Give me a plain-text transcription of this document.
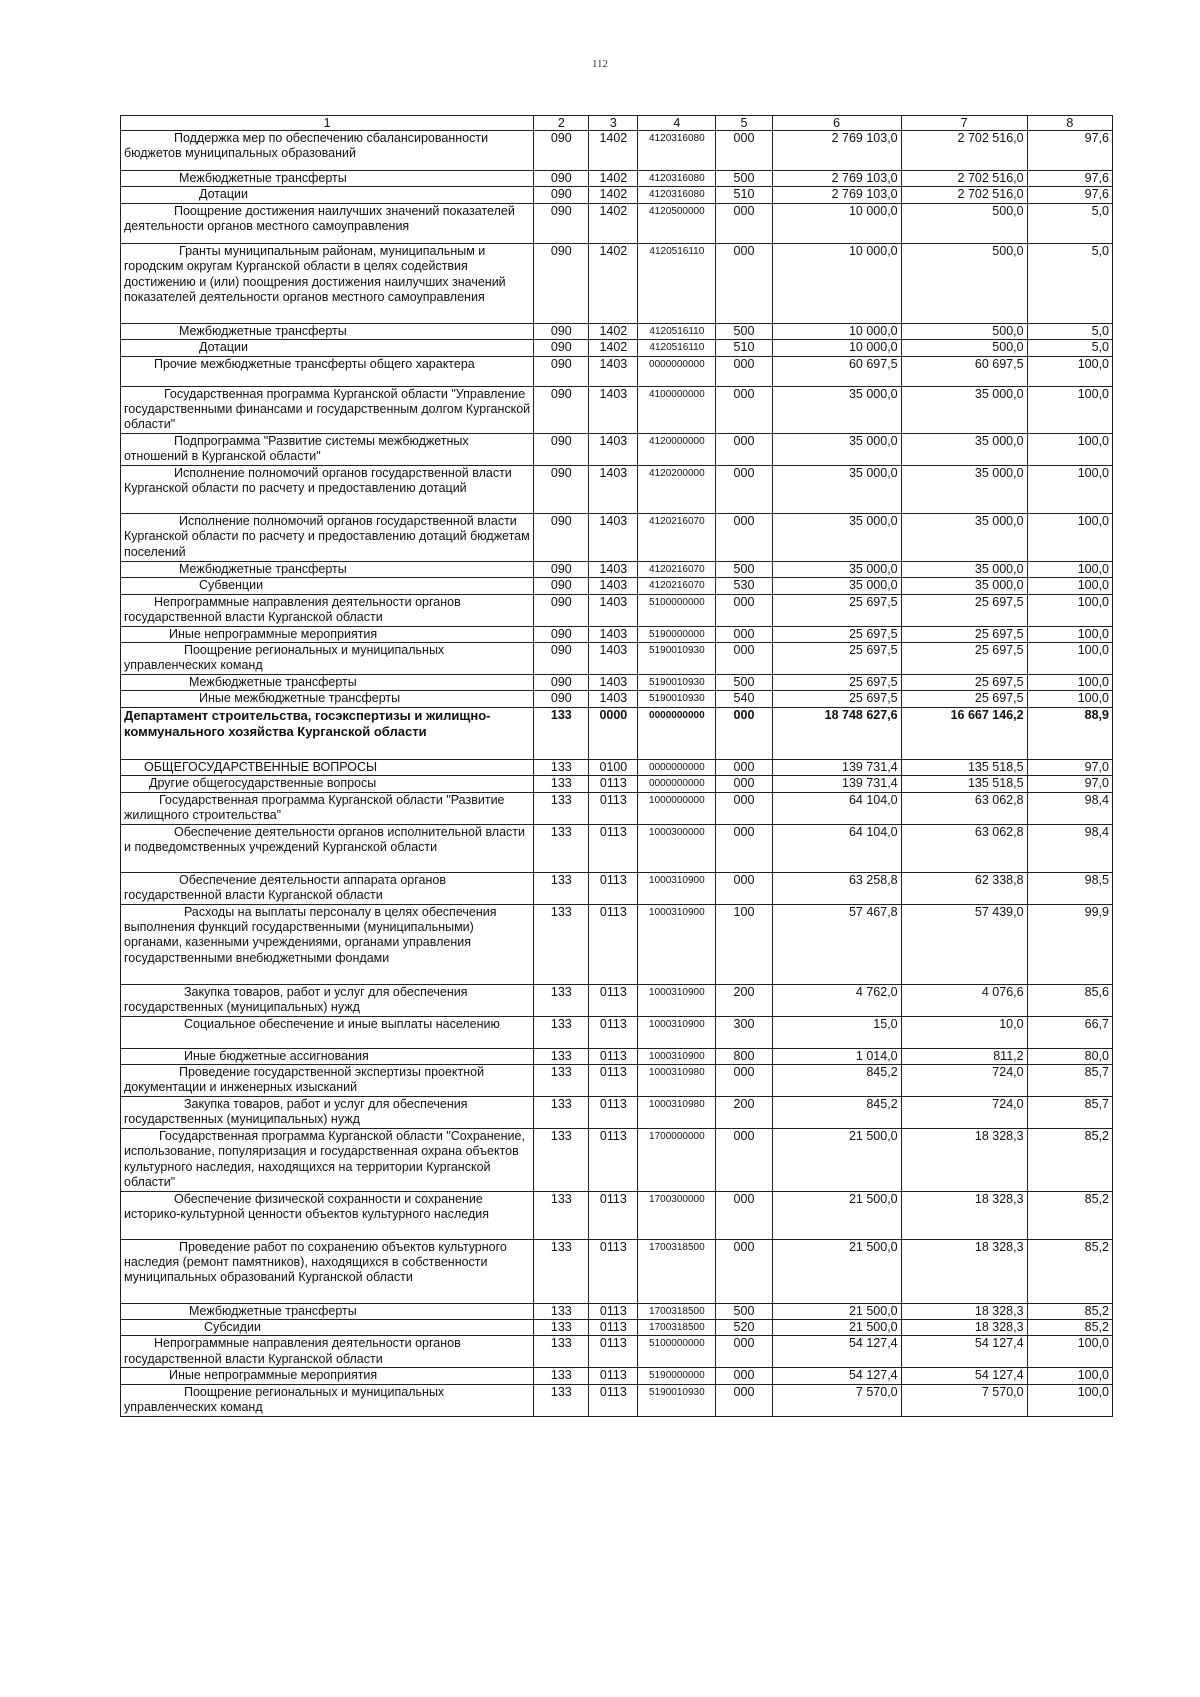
112
1	2	3	4	5	6	7	8
Поддержка мер по обеспечению сбалансированности бюджетов муниципальных образований	090	1402	4120316080	000	2 769 103,0	2 702 516,0	97,6
Межбюджетные трансферты	090	1402	4120316080	500	2 769 103,0	2 702 516,0	97,6
Дотации	090	1402	4120316080	510	2 769 103,0	2 702 516,0	97,6
Поощрение достижения наилучших значений показателей деятельности органов местного самоуправления	090	1402	4120500000	000	10 000,0	500,0	5,0
Гранты муниципальным районам, муниципальным и городским округам Курганской области в целях содействия достижению и (или) поощрения достижения наилучших значений показателей деятельности органов местного самоуправления	090	1402	4120516110	000	10 000,0	500,0	5,0
Межбюджетные трансферты	090	1402	4120516110	500	10 000,0	500,0	5,0
Дотации	090	1402	4120516110	510	10 000,0	500,0	5,0
Прочие межбюджетные трансферты общего характера	090	1403	0000000000	000	60 697,5	60 697,5	100,0
Государственная программа Курганской области "Управление государственными финансами и государственным долгом Курганской области"	090	1403	4100000000	000	35 000,0	35 000,0	100,0
Подпрограмма "Развитие системы межбюджетных отношений в Курганской области"	090	1403	4120000000	000	35 000,0	35 000,0	100,0
Исполнение полномочий органов государственной власти Курганской области по расчету и предоставлению дотаций	090	1403	4120200000	000	35 000,0	35 000,0	100,0
Исполнение полномочий органов государственной власти Курганской области по расчету и предоставлению дотаций бюджетам поселений	090	1403	4120216070	000	35 000,0	35 000,0	100,0
Межбюджетные трансферты	090	1403	4120216070	500	35 000,0	35 000,0	100,0
Субвенции	090	1403	4120216070	530	35 000,0	35 000,0	100,0
Непрограммные направления деятельности органов государственной власти Курганской области	090	1403	5100000000	000	25 697,5	25 697,5	100,0
Иные непрограммные мероприятия	090	1403	5190000000	000	25 697,5	25 697,5	100,0
Поощрение региональных и муниципальных управленческих команд	090	1403	5190010930	000	25 697,5	25 697,5	100,0
Межбюджетные трансферты	090	1403	5190010930	500	25 697,5	25 697,5	100,0
Иные межбюджетные трансферты	090	1403	5190010930	540	25 697,5	25 697,5	100,0
Департамент строительства, госэкспертизы и жилищно-коммунального хозяйства Курганской области	133	0000	0000000000	000	18 748 627,6	16 667 146,2	88,9
ОБЩЕГОСУДАРСТВЕННЫЕ ВОПРОСЫ	133	0100	0000000000	000	139 731,4	135 518,5	97,0
Другие общегосударственные вопросы	133	0113	0000000000	000	139 731,4	135 518,5	97,0
Государственная программа Курганской области "Развитие жилищного строительства"	133	0113	1000000000	000	64 104,0	63 062,8	98,4
Обеспечение деятельности органов исполнительной власти и подведомственных учреждений Курганской области	133	0113	1000300000	000	64 104,0	63 062,8	98,4
Обеспечение деятельности аппарата органов государственной власти Курганской области	133	0113	1000310900	000	63 258,8	62 338,8	98,5
Расходы на выплаты персоналу в целях обеспечения выполнения функций государственными (муниципальными) органами, казенными учреждениями, органами управления государственными внебюджетными фондами	133	0113	1000310900	100	57 467,8	57 439,0	99,9
Закупка товаров, работ и услуг для обеспечения государственных (муниципальных) нужд	133	0113	1000310900	200	4 762,0	4 076,6	85,6
Социальное обеспечение и иные выплаты населению	133	0113	1000310900	300	15,0	10,0	66,7
Иные бюджетные ассигнования	133	0113	1000310900	800	1 014,0	811,2	80,0
Проведение государственной экспертизы проектной документации и инженерных изысканий	133	0113	1000310980	000	845,2	724,0	85,7
Закупка товаров, работ и услуг для обеспечения государственных (муниципальных) нужд	133	0113	1000310980	200	845,2	724,0	85,7
Государственная программа Курганской области "Сохранение, использование, популяризация и государственная охрана объектов культурного наследия, находящихся на территории Курганской области"	133	0113	1700000000	000	21 500,0	18 328,3	85,2
Обеспечение физической сохранности и сохранение историко-культурной ценности объектов культурного наследия	133	0113	1700300000	000	21 500,0	18 328,3	85,2
Проведение работ по сохранению объектов культурного наследия (ремонт памятников), находящихся в собственности муниципальных образований Курганской области	133	0113	1700318500	000	21 500,0	18 328,3	85,2
Межбюджетные трансферты	133	0113	1700318500	500	21 500,0	18 328,3	85,2
Субсидии	133	0113	1700318500	520	21 500,0	18 328,3	85,2
Непрограммные направления деятельности органов государственной власти Курганской области	133	0113	5100000000	000	54 127,4	54 127,4	100,0
Иные непрограммные мероприятия	133	0113	5190000000	000	54 127,4	54 127,4	100,0
Поощрение региональных и муниципальных управленческих команд	133	0113	5190010930	000	7 570,0	7 570,0	100,0
